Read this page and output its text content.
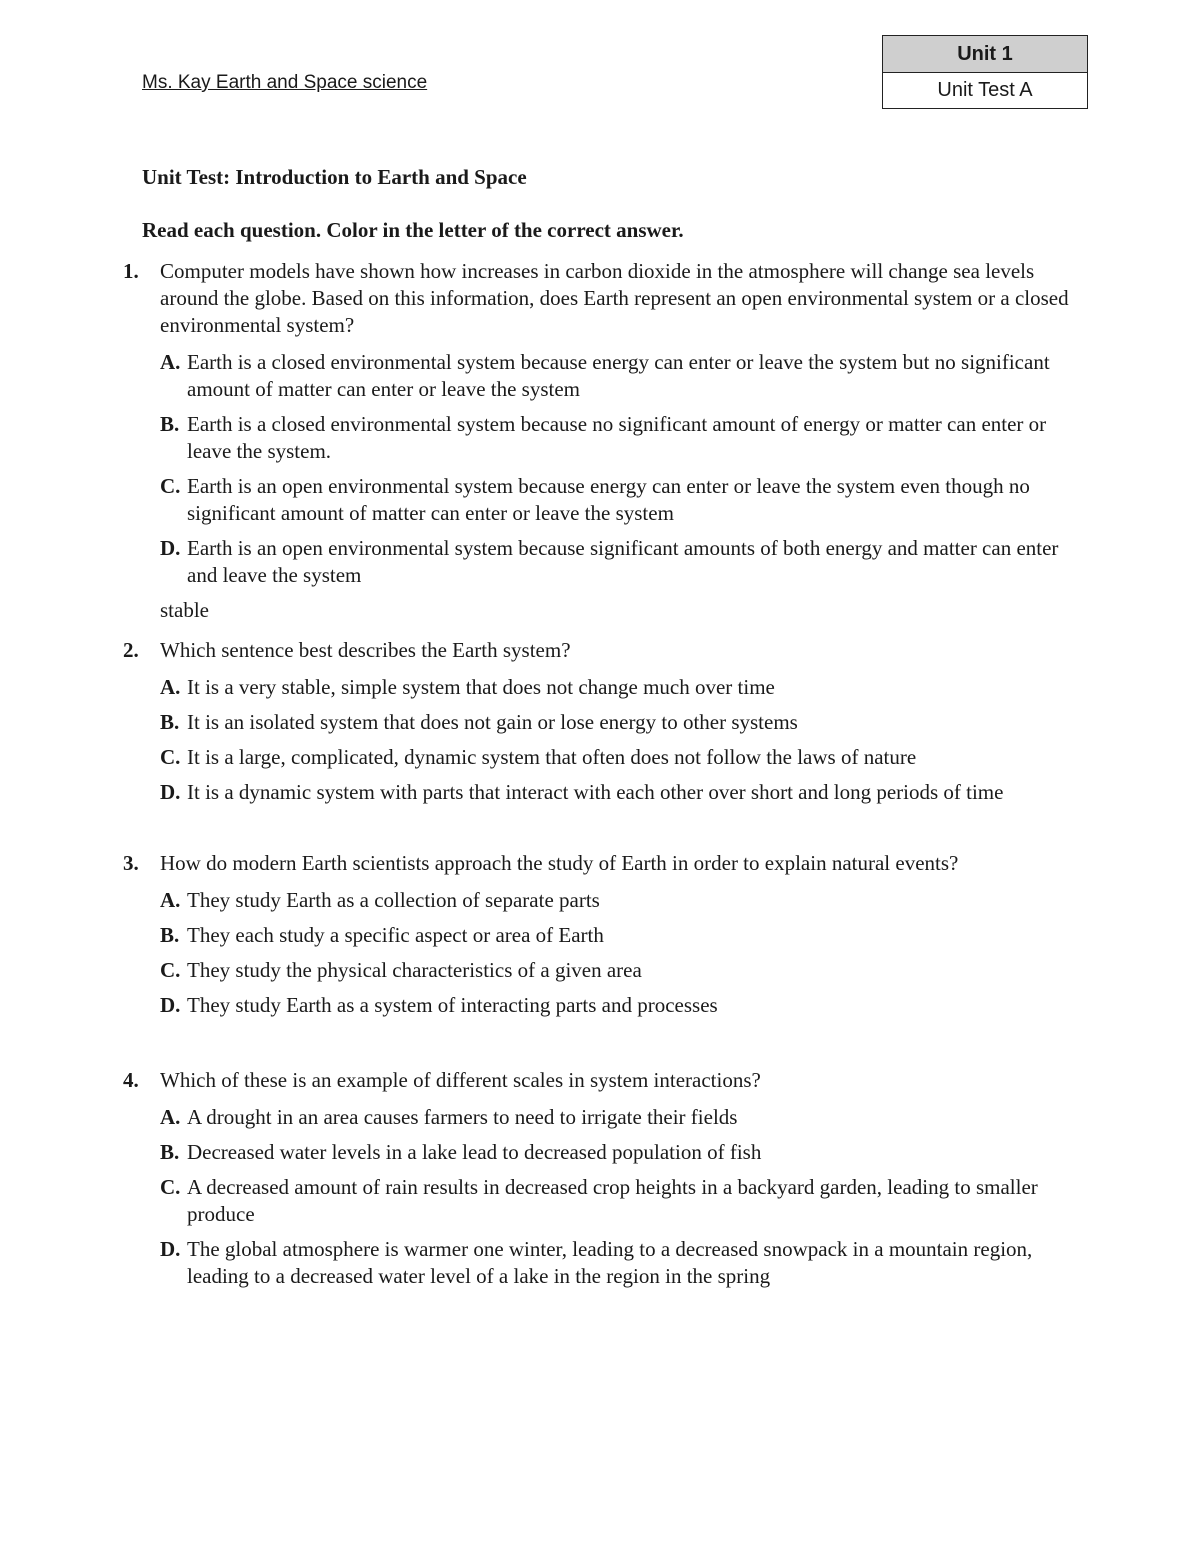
Ms. Kay Earth and Space science
Unit 1
Unit Test A
Unit Test: Introduction to Earth and Space
Read each question. Color in the letter of the correct answer.
1. Computer models have shown how increases in carbon dioxide in the atmosphere will change sea levels around the globe. Based on this information, does Earth represent an open environmental system or a closed environmental system?
A. Earth is a closed environmental system because energy can enter or leave the system but no significant amount of matter can enter or leave the system
B. Earth is a closed environmental system because no significant amount of energy or matter can enter or leave the system.
C. Earth is an open environmental system because energy can enter or leave the system even though no significant amount of matter can enter or leave the system
D. Earth is an open environmental system because significant amounts of both energy and matter can enter and leave the system
stable
2. Which sentence best describes the Earth system?
A. It is a very stable, simple system that does not change much over time
B. It is an isolated system that does not gain or lose energy to other systems
C. It is a large, complicated, dynamic system that often does not follow the laws of nature
D. It is a dynamic system with parts that interact with each other over short and long periods of time
3. How do modern Earth scientists approach the study of Earth in order to explain natural events?
A. They study Earth as a collection of separate parts
B. They each study a specific aspect or area of Earth
C. They study the physical characteristics of a given area
D. They study Earth as a system of interacting parts and processes
4. Which of these is an example of different scales in system interactions?
A. A drought in an area causes farmers to need to irrigate their fields
B. Decreased water levels in a lake lead to decreased population of fish
C. A decreased amount of rain results in decreased crop heights in a backyard garden, leading to smaller produce
D. The global atmosphere is warmer one winter, leading to a decreased snowpack in a mountain region, leading to a decreased water level of a lake in the region in the spring
